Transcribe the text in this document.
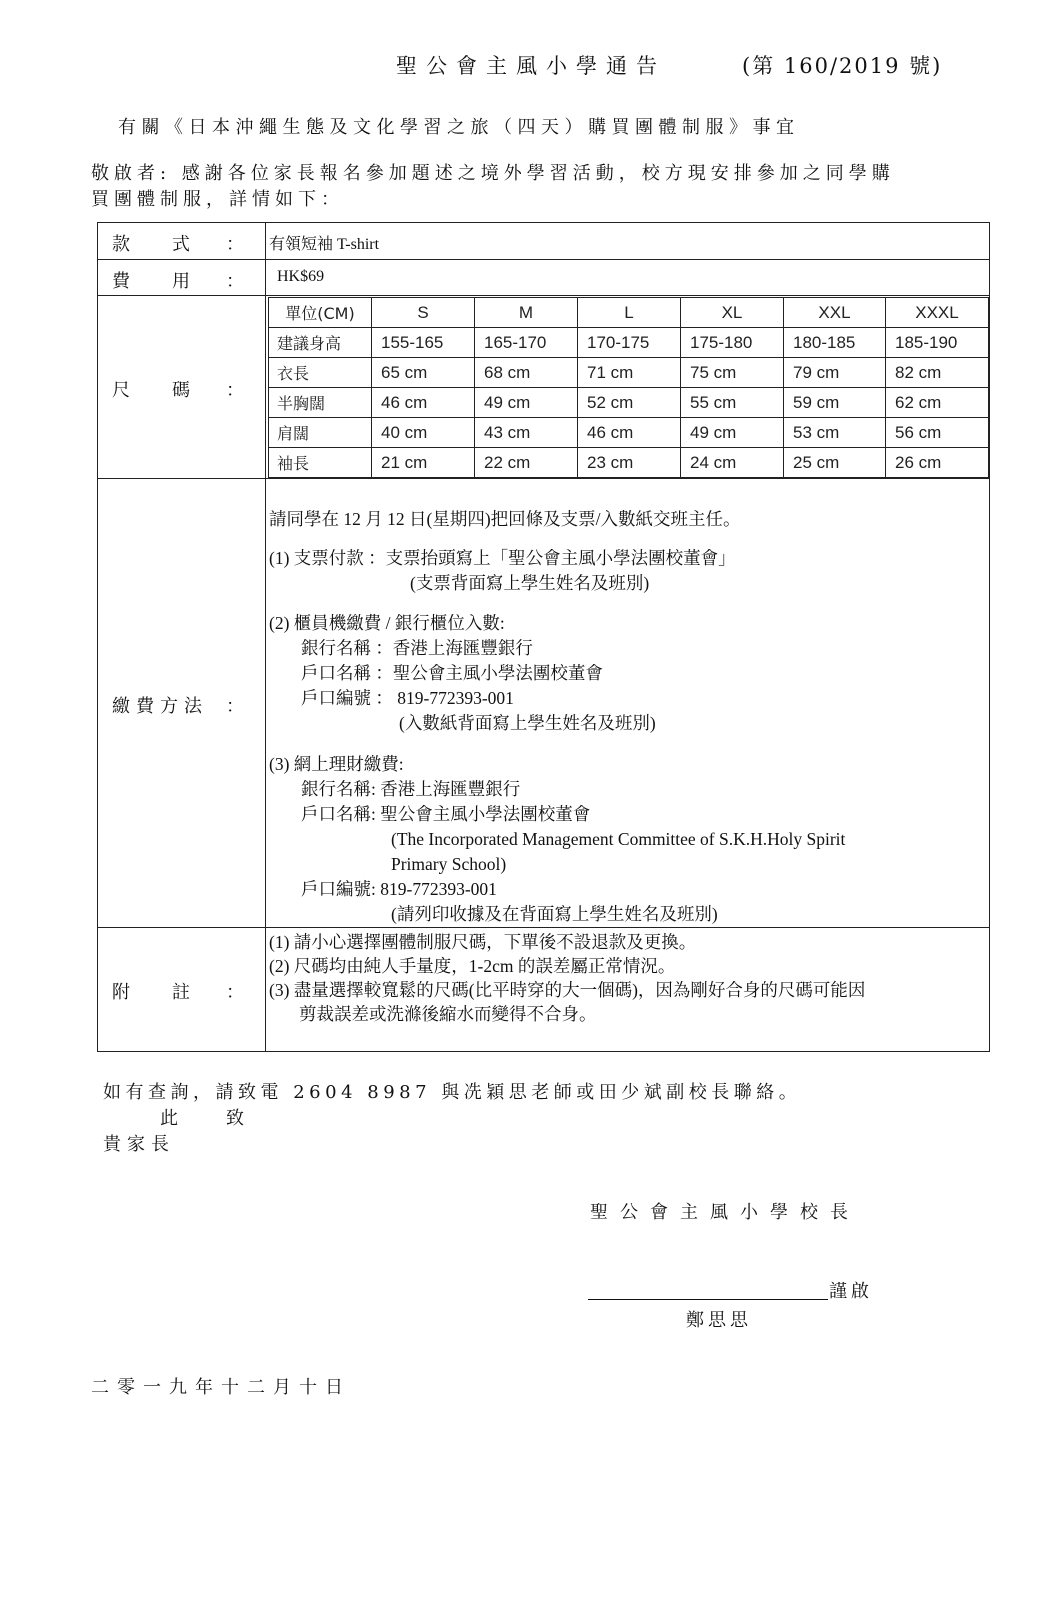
聖公會主風小學通告	(第 160/2019 號)
有關《日本沖繩生態及文化學習之旅（四天）購買團體制服》事宜
敬啟者: 感謝各位家長報名參加題述之境外學習活動，校方現安排參加之同學購
買團體制服，詳情如下：
款　　式 ： 有領短袖 T-shirt
費　　用 ： HK$69
尺　　碼 ：
單位(CM)	S	M	L	XL	XXL	XXXL
建議身高	155-165	165-170	170-175	175-180	180-185	185-190
衣長	65 cm	68 cm	71 cm	75 cm	79 cm	82 cm
半胸闊	46 cm	49 cm	52 cm	55 cm	59 cm	62 cm
肩闊	40 cm	43 cm	46 cm	49 cm	53 cm	56 cm
袖長	21 cm	22 cm	23 cm	24 cm	25 cm	26 cm
繳費方法 ：
請同學在 12 月 12 日(星期四)把回條及支票/入數紙交班主任。
(1) 支票付款 ：支票抬頭寫上「聖公會主風小學法團校董會」
(支票背面寫上學生姓名及班別)
(2) 櫃員機繳費 / 銀行櫃位入數:
銀行名稱 ：香港上海匯豐銀行
戶口名稱 ：聖公會主風小學法團校董會
戶口編號 ： 819-772393-001
(入數紙背面寫上學生姓名及班別)
(3) 網上理財繳費:
銀行名稱: 香港上海匯豐銀行
戶口名稱: 聖公會主風小學法團校董會
(The Incorporated Management Committee of S.K.H.Holy Spirit
Primary School)
戶口編號: 819-772393-001
(請列印收據及在背面寫上學生姓名及班別)
附　　註 ：
(1) 請小心選擇團體制服尺碼，下單後不設退款及更換。
(2) 尺碼均由純人手量度，1-2cm 的誤差屬正常情況。
(3) 盡量選擇較寬鬆的尺碼(比平時穿的大一個碼)，因為剛好合身的尺碼可能因
剪裁誤差或洗滌後縮水而變得不合身。
如有查詢，請致電 2604 8987 與冼穎思老師或田少斌副校長聯絡。
此　　致
貴家長
聖公會主風小學校長
謹啟
鄭思思
二零一九年十二月十日
